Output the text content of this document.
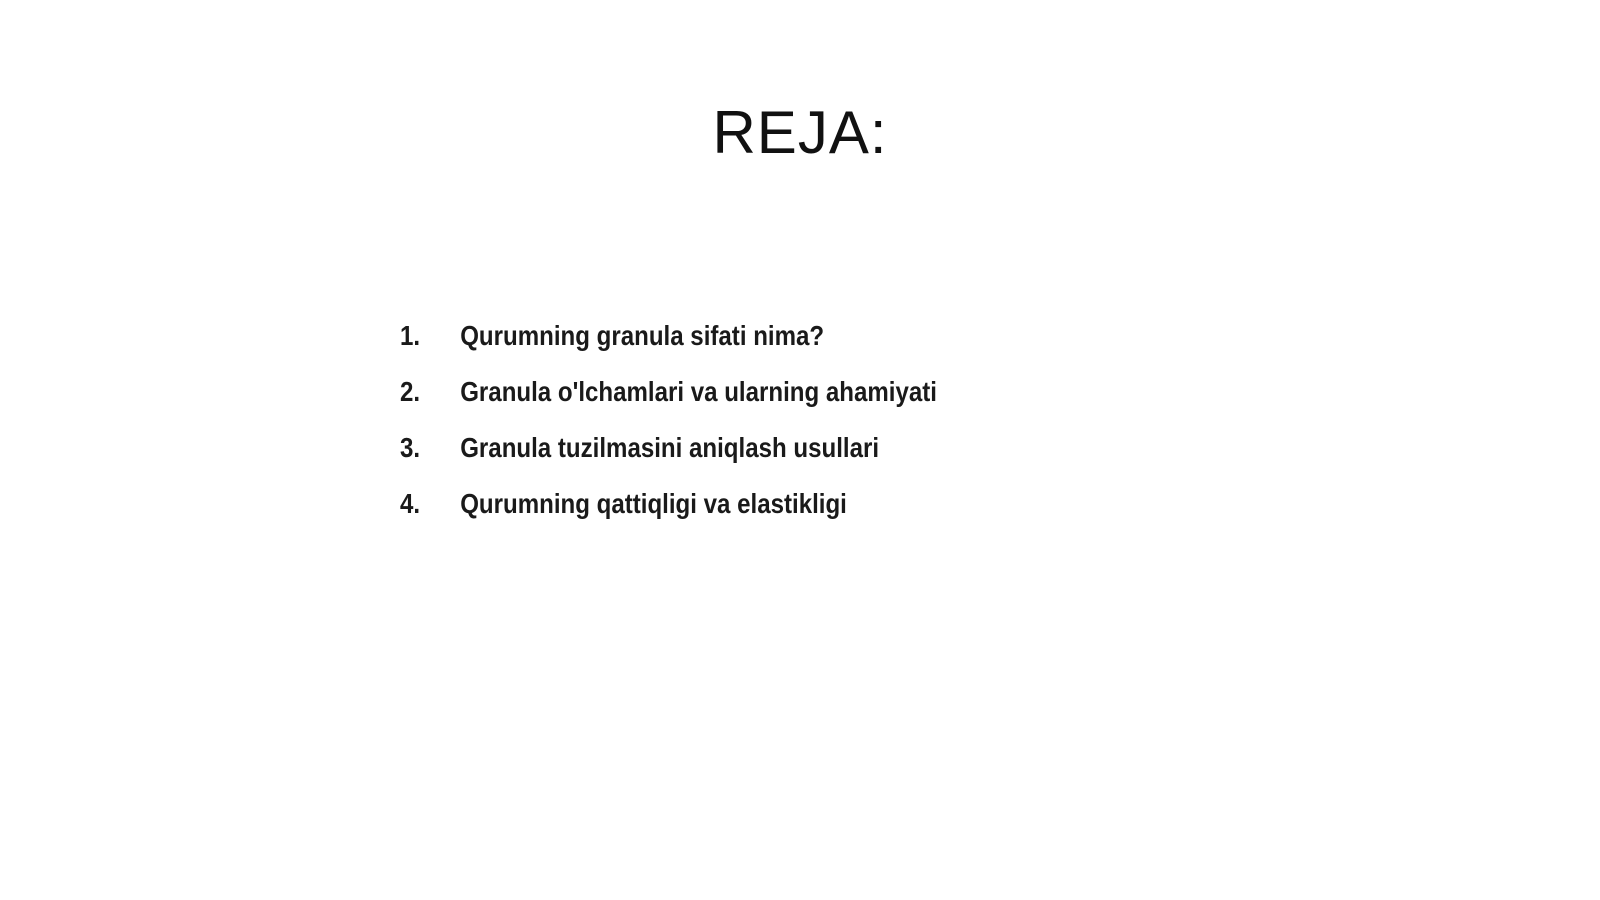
REJA:
1.	Qurumning granula sifati nima?
2.	Granula o'lchamlari va ularning ahamiyati
3.	Granula tuzilmasini aniqlash usullari
4.	Qurumning qattiqligi va elastikligi
